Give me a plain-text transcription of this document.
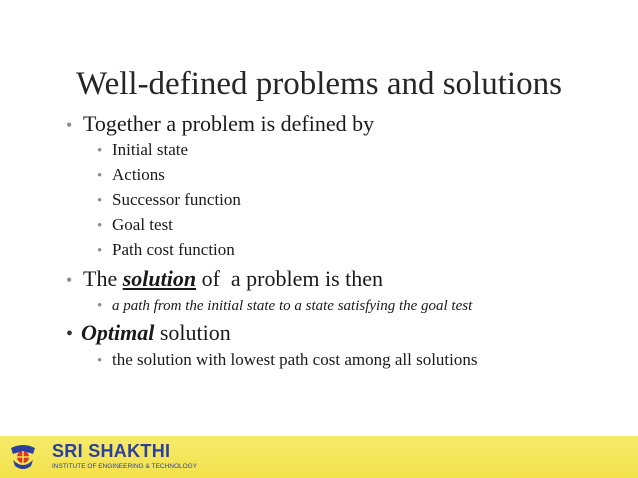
Well-defined problems and solutions
• Together a problem is defined by
• Initial state
• Actions
• Successor function
• Goal test
• Path cost function
• The solution of  a problem is then
• a path from the initial state to a state satisfying the goal test
• Optimal solution
• the solution with lowest path cost among all solutions
SRI SHAKTHI
INSTITUTE OF ENGINEERING & TECHNOLOGY
